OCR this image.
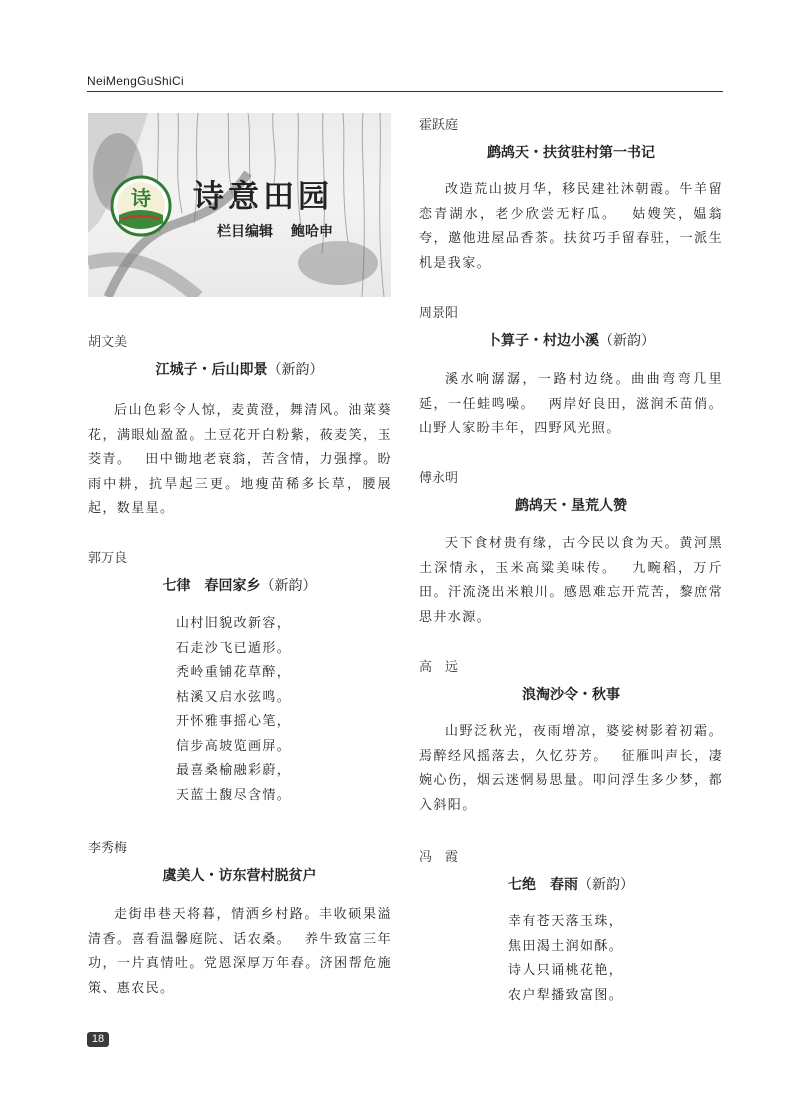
NeiMengGuShiCi
诗 诗意田园
栏目编辑 鲍哈申
胡文美
江城子・后山即景（新韵）
后山色彩令人惊，麦黄澄，舞清风。油菜葵花，满眼灿盈盈。土豆花开白粉紫，莜麦笑，玉茭青。　 田中锄地老衰翁，苦含情，力强撑。盼雨中耕，抗旱起三更。地瘦苗稀多长草，腰展起，数星星。
郭万良
七律　春回家乡（新韵）
山村旧貌改新容，
石走沙飞已遁形。
秃岭重铺花草醉，
枯溪又启水弦鸣。
开怀雅事摇心笔，
信步高坡览画屏。
最喜桑榆融彩蔚，
天蓝土馥尽含情。
李秀梅
虞美人・访东营村脱贫户
走街串巷天将暮，情洒乡村路。丰收硕果溢清香。喜看温馨庭院、话农桑。　 养牛致富三年功，一片真情吐。党恩深厚万年春。济困帮危施策、惠农民。
霍跃庭
鹧鸪天・扶贫驻村第一书记
改造荒山披月华，移民建社沐朝霞。牛羊留恋青湖水，老少欣尝无籽瓜。　 姑嫂笑，媪翁夸，邀他进屋品香茶。扶贫巧手留春驻，一派生机是我家。
周景阳
卜算子・村边小溪（新韵）
溪水响潺潺，一路村边绕。曲曲弯弯几里延，一任蛙鸣噪。　 两岸好良田，滋润禾苗俏。山野人家盼丰年，四野风光照。
傅永明
鹧鸪天・垦荒人赞
天下食材贵有缘，古今民以食为天。黄河黑土深情永，玉米高粱美味传。　 九畹稻，万斤田。汗流浇出米粮川。感恩难忘开荒苦，黎庶常思井水源。
高　远
浪淘沙令・秋事
山野泛秋光，夜雨增凉，婆娑树影着初霜。焉醉经风摇落去，久忆芬芳。　 征雁叫声长，凄婉心伤，烟云迷惘易思量。叩问浮生多少梦，都入斜阳。
冯　霞
七绝　春雨（新韵）
幸有苍天落玉珠，
焦田渴土润如酥。
诗人只诵桃花艳，
农户犁播致富图。
18
